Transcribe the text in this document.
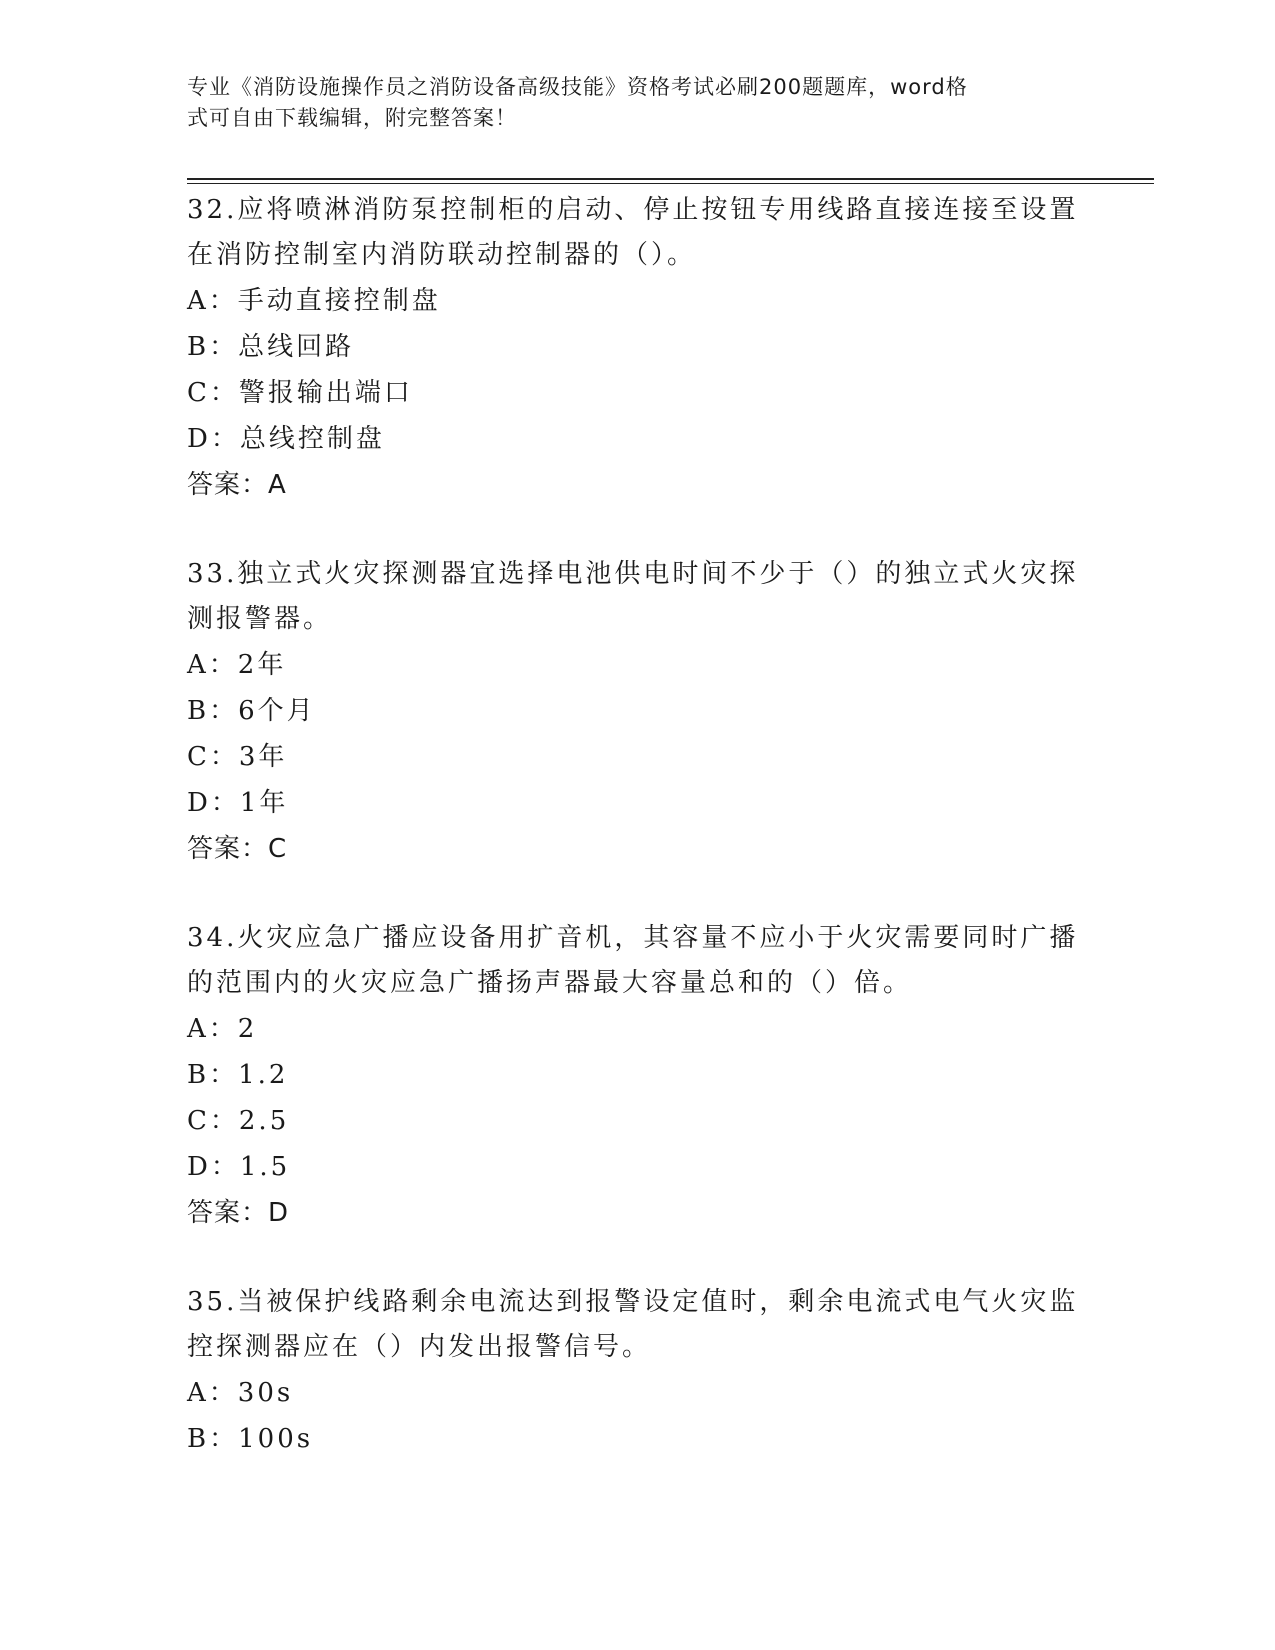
专业《消防设施操作员之消防设备高级技能》资格考试必刷200题题库，word格
式可自由下载编辑，附完整答案！
32.应将喷淋消防泵控制柜的启动、停止按钮专用线路直接连接至设置
在消防控制室内消防联动控制器的（）。
A：手动直接控制盘
B：总线回路
C：警报输出端口
D：总线控制盘
答案：A
33.独立式火灾探测器宜选择电池供电时间不少于（）的独立式火灾探
测报警器。
A：2年
B：6个月
C：3年
D：1年
答案：C
34.火灾应急广播应设备用扩音机，其容量不应小于火灾需要同时广播
的范围内的火灾应急广播扬声器最大容量总和的（）倍。
A：2
B：1.2
C：2.5
D：1.5
答案：D
35.当被保护线路剩余电流达到报警设定值时，剩余电流式电气火灾监
控探测器应在（）内发出报警信号。
A：30s
B：100s
